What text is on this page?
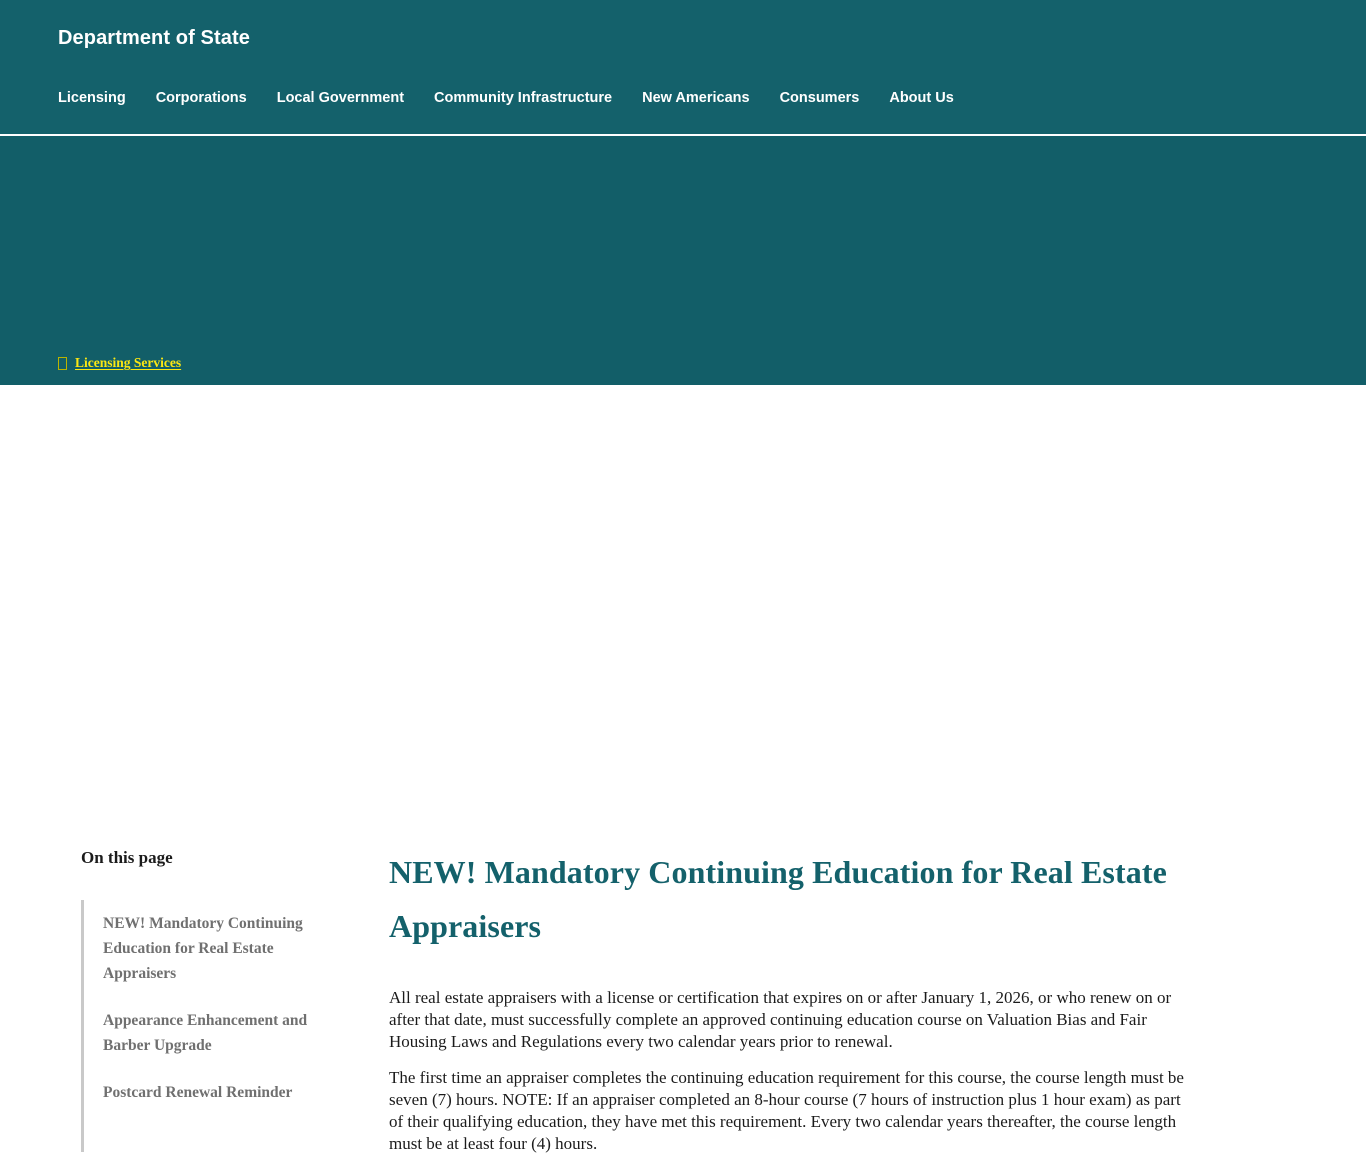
Department of State
Licensing Corporations Local Government Community Infrastructure New Americans Consumers About Us
Licensing Services
On this page
NEW! Mandatory Continuing Education for Real Estate Appraisers
Appearance Enhancement and Barber Upgrade
Postcard Renewal Reminder
NEW! Mandatory Continuing Education for Real Estate Appraisers

All real estate appraisers with a license or certification that expires on or after January 1, 2026, or who renew on or after that date, must successfully complete an approved continuing education course on Valuation Bias and Fair Housing Laws and Regulations every two calendar years prior to renewal.

The first time an appraiser completes the continuing education requirement for this course, the course length must be seven (7) hours. NOTE: If an appraiser completed an 8-hour course (7 hours of instruction plus 1 hour exam) as part of their qualifying education, they have met this requirement. Every two calendar years thereafter, the course length must be at least four (4) hours.
